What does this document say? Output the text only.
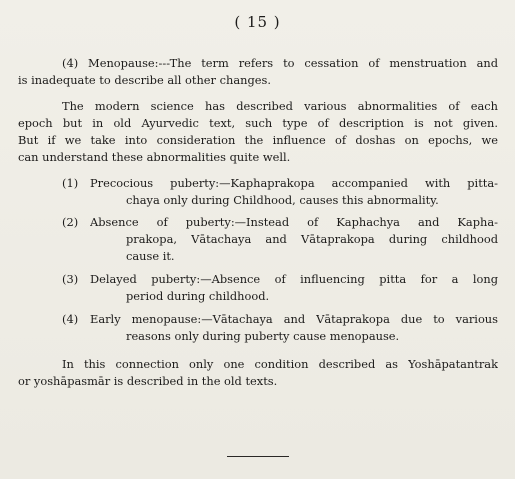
( 15 )
(4) Menopause:---The term refers to cessation of menstruation and
is inadequate to describe all other changes.
The modern science has described various abnormalities of each
epoch but in old Ayurvedic text, such type of description is not given.
But if we take into consideration the influence of doshas on epochs, we
can understand these abnormalities quite well.
(1)	Precocious puberty:—Kaphaprakopa accompanied with pitta-
chaya only during Childhood, causes this abnormality.
(2)	Absence of puberty:—Instead of Kaphachya and Kapha-
prakopa, Vātachaya and Vātaprakopa during childhood
cause it.
(3)	Delayed puberty:—Absence of influencing pitta for a long
period during childhood.
(4)	Early menopause:—Vātachaya and Vātaprakopa due to various
reasons only during puberty cause menopause.
In this connection only one condition described as Yoshāpatantrak
or yoshāpasmār is described in the old texts.
